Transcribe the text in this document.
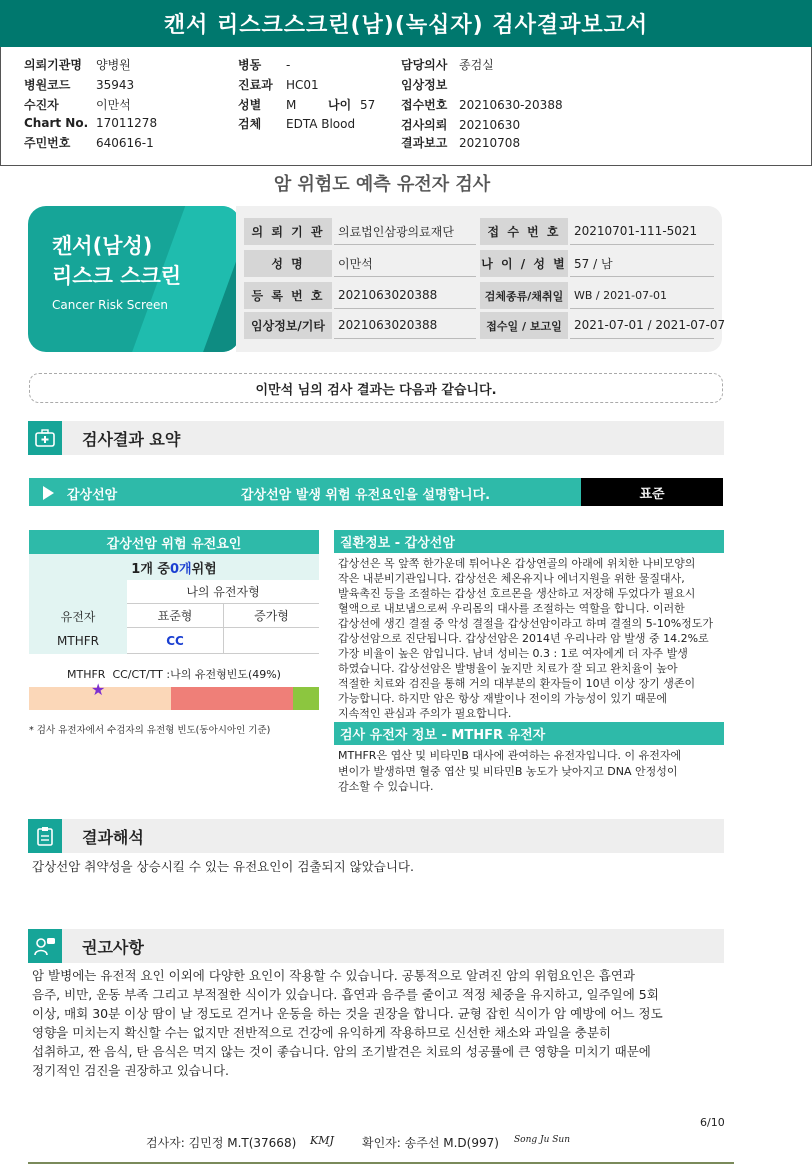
캔서 리스크스크린(남)(녹십자) 검사결과보고서
의뢰기관명 양병원
병원코드 35943
수진자	이만석
Chart No. 17011278
주민번호 640616-1
병동 -
진료과 HC01
성별 M	나이 57
검체 EDTA Blood
담당의사 종검실
임상정보
접수번호 20210630-20388
검사의뢰 20210630
결과보고 20210708
암 위험도 예측 유전자 검사
캔서(남성)
리스크 스크린
Cancer Risk Screen
의 뢰 기 관	의료법인삼광의료재단	접 수 번 호	20210701-111-5021
성 명	이만석	나 이 / 성 별 57 / 남
등 록 번 호	2021063020388	검체종류/채취일 WB / 2021-07-01
임상정보/기타	2021063020388	접수일 / 보고일	2021-07-01 / 2021-07-07
이만석 님의 검사 결과는 다음과 같습니다.
검사결과 요약
갑상선암	갑상선암 발생 위험 유전요인을 설명합니다.	표준
갑상선암 위험 유전요인
1개 중 0개 위험
나의 유전자형
유전자	표준형	증가형
MTHFR	CC
MTHFR  CC/CT/TT :나의 유전형빈도(49%)
★
* 검사 유전자에서 수검자의 유전형 빈도(동아시아인 기준)
질환정보 - 갑상선암
갑상선은 목 앞쪽 한가운데 튀어나온 갑상연골의 아래에 위치한 나비모양의
작은 내분비기관입니다. 갑상선은 체온유지나 에너지원을 위한 물질대사,
발육촉진 등을 조절하는 갑상선 호르몬을 생산하고 저장해 두었다가 필요시
혈액으로 내보냄으로써 우리몸의 대사를 조절하는 역할을 합니다. 이러한
갑상선에 생긴 결절 중 악성 결절을 갑상선암이라고 하며 결절의 5-10%정도가
갑상선암으로 진단됩니다. 갑상선암은 2014년 우리나라 암 발생 중 14.2%로
가장 비율이 높은 암입니다. 남녀 성비는 0.3 : 1로 여자에게 더 자주 발생
하였습니다. 갑상선암은 발병율이 높지만 치료가 잘 되고 완치율이 높아
적절한 치료와 검진을 통해 거의 대부분의 환자들이 10년 이상 장기 생존이
가능합니다. 하지만 암은 항상 재발이나 전이의 가능성이 있기 때문에
지속적인 관심과 주의가 필요합니다.
검사 유전자 정보 - MTHFR 유전자
MTHFR은 엽산 및 비타민B 대사에 관여하는 유전자입니다. 이 유전자에
변이가 발생하면 혈중 엽산 및 비타민B 농도가 낮아지고 DNA 안정성이
감소할 수 있습니다.
결과해석
갑상선암 취약성을 상승시킬 수 있는 유전요인이 검출되지 않았습니다.
권고사항
암 발병에는 유전적 요인 이외에 다양한 요인이 작용할 수 있습니다. 공통적으로 알려진 암의 위험요인은 흡연과
음주, 비만, 운동 부족 그리고 부적절한 식이가 있습니다. 흡연과 음주를 줄이고 적정 체중을 유지하고, 일주일에 5회
이상, 매회 30분 이상 땀이 날 정도로 걷거나 운동을 하는 것을 권장을 합니다. 균형 잡힌 식이가 암 예방에 어느 정도
영향을 미치는지 확신할 수는 없지만 전반적으로 건강에 유익하게 작용하므로 신선한 채소와 과일을 충분히
섭취하고, 짠 음식, 탄 음식은 먹지 않는 것이 좋습니다. 암의 조기발견은 치료의 성공률에 큰 영향을 미치기 때문에
정기적인 검진을 권장하고 있습니다.
6/10
검사자: 김민정 M.T(37668) KMJ 확인자: 송주선 M.D(997) Song Ju Sun
